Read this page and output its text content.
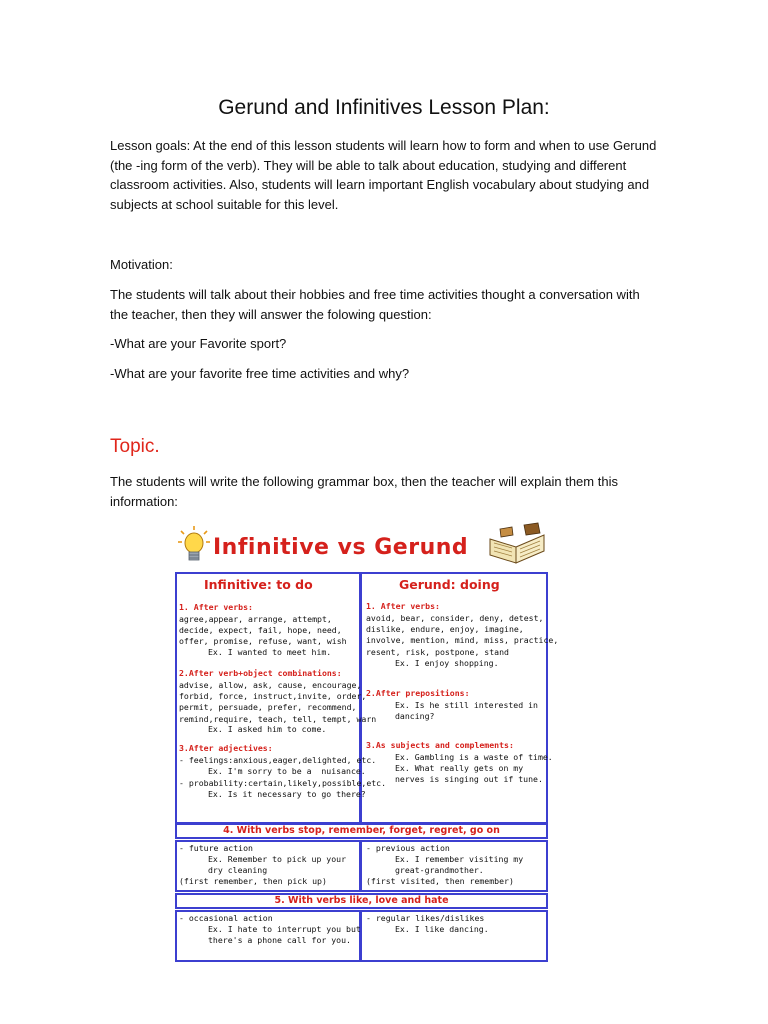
Gerund and Infinitives Lesson Plan:
Lesson goals: At the end of this lesson students will learn how to form and when to use Gerund
(the -ing form of the verb). They will be able to talk about education, studying and different
classroom activities. Also, students will learn important English vocabulary about studying and
subjects at school suitable for this level.
Motivation:
The students will talk about their hobbies and free time activities thought a conversation with
the teacher, then they will answer the folowing question:
-What are your Favorite sport?
-What are your favorite free time activities and why?
Topic.
The students will write the following grammar box, then the teacher will explain them this
information:
Infinitive vs Gerund
Infinitive: to do	Gerund: doing
1. After verbs:
agree,appear, arrange, attempt,
decide, expect, fail, hope, need,
offer, promise, refuse, want, wish
Ex. I wanted to meet him.
2.After verb+object combinations:
advise, allow, ask, cause, encourage,
forbid, force, instruct,invite, order,
permit, persuade, prefer, recommend,
remind,require, teach, tell, tempt, warn
Ex. I asked him to come.
3.After adjectives:
- feelings:anxious,eager,delighted, etc.
Ex. I'm sorry to be a  nuisance.
- probability:certain,likely,possible,etc.
Ex. Is it necessary to go there?
1. After verbs:
avoid, bear, consider, deny, detest,
dislike, endure, enjoy, imagine,
involve, mention, mind, miss, practice,
resent, risk, postpone, stand
Ex. I enjoy shopping.
2.After prepositions:
Ex. Is he still interested in
dancing?
3.As subjects and complements:
Ex. Gambling is a waste of time.
Ex. What really gets on my
nerves is singing out if tune.
4. With verbs stop, remember, forget, regret, go on
- future action
Ex. Remember to pick up your
dry cleaning
(first remember, then pick up)
- previous action
Ex. I remember visiting my
great-grandmother.
(first visited, then remember)
5. With verbs like, love and hate
- occasional action
Ex. I hate to interrupt you but
there's a phone call for you.
- regular likes/dislikes
Ex. I like dancing.
